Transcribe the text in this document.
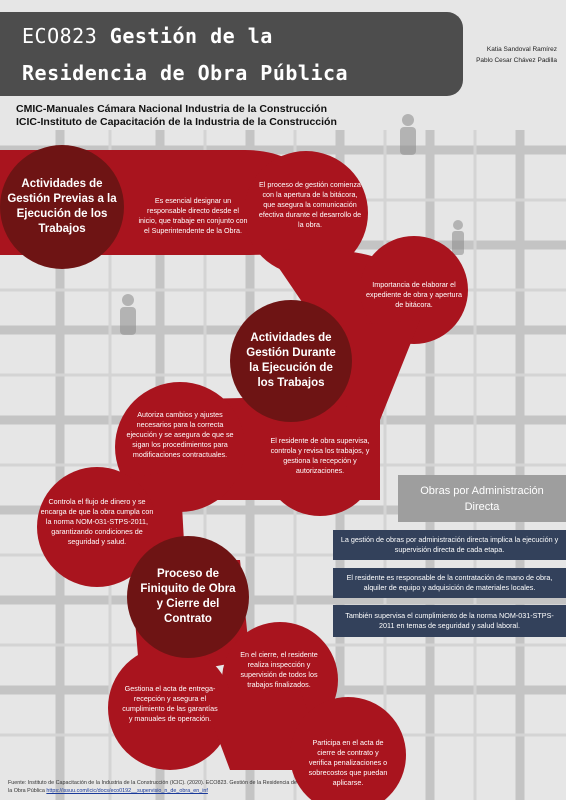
ECO823 Gestión de la
Residencia de Obra Pública
Katia Sandoval Ramírez
Pablo Cesar Chávez Padilla
CMIC-Manuales Cámara Nacional Industria de la Construcción
ICIC-Instituto de Capacitación de la Industria de la Construcción
Actividades de Gestión Previas a la Ejecución de los Trabajos
Es esencial designar un responsable directo desde el inicio, que trabaje en conjunto con el Superintendente de la Obra.
El proceso de gestión comienza con la apertura de la bitácora, que asegura la comunicación efectiva durante el desarrollo de la obra.
Importancia de elaborar el expediente de obra y apertura de bitácora.
Actividades de Gestión Durante la Ejecución de los Trabajos
Autoriza cambios y ajustes necesarios para la correcta ejecución y se asegura de que se sigan los procedimientos para modificaciones contractuales.
El residente de obra supervisa, controla y revisa los trabajos, y gestiona la recepción y autorizaciones.
Controla el flujo de dinero y se encarga de que la obra cumpla con la norma NOM-031-STPS-2011, garantizando condiciones de seguridad y salud.
Proceso de Finiquito de Obra y Cierre del Contrato
En el cierre, el residente realiza inspección y supervisión de todos los trabajos finalizados.
Gestiona el acta de entrega-recepción y asegura el cumplimiento de las garantías y manuales de operación.
Participa en el acta de cierre de contrato y verifica penalizaciones o sobrecostos que puedan aplicarse.
Obras por Administración Directa
La gestión de obras por administración directa implica la ejecución y supervisión directa de cada etapa.
El residente es responsable de la contratación de mano de obra, alquiler de equipo y adquisición de materiales locales.
También supervisa el cumplimiento de la norma NOM-031-STPS-2011 en temas de seguridad y salud laboral.
Fuente: Instituto de Capacitación de la Industria de la Construcción (ICIC). (2020). ECO823. Gestión de la Residencia de la Obra Pública https://issuu.com/icic/docs/eco0192__supervisio_n_de_obra_en_inf
